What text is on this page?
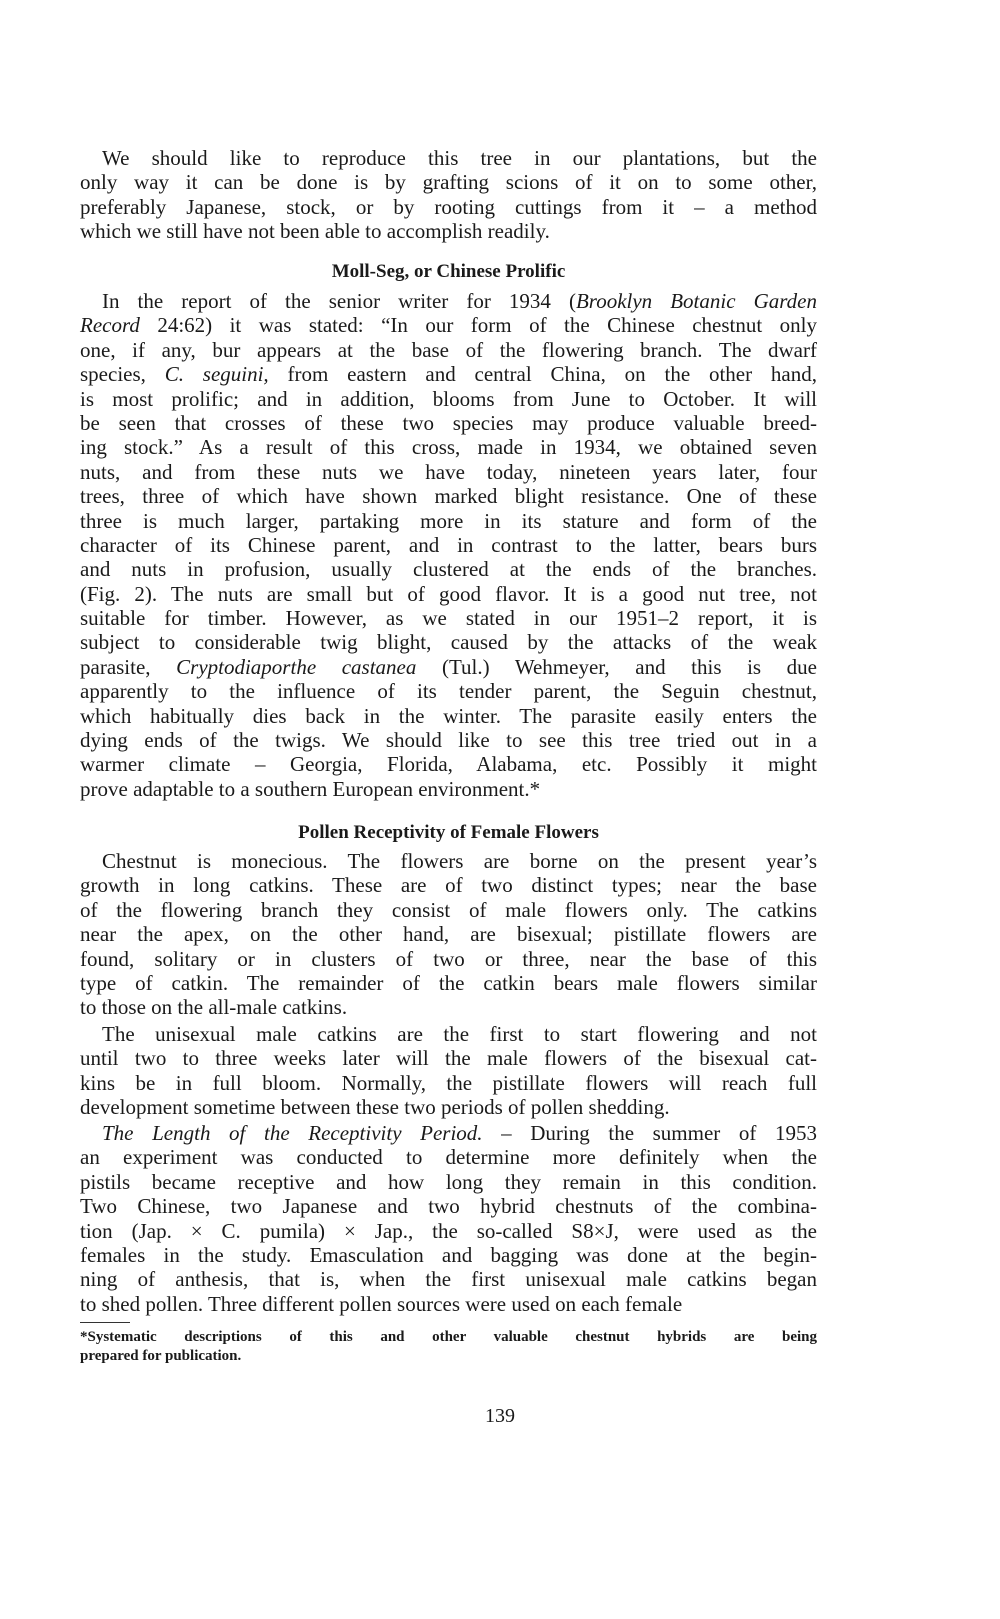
We should like to reproduce this tree in our plantations, but the
only way it can be done is by grafting scions of it on to some other,
preferably Japanese, stock, or by rooting cuttings from it – a method
which we still have not been able to accomplish readily.
Moll-Seg, or Chinese Prolific
In the report of the senior writer for 1934 (Brooklyn Botanic Garden
Record 24:62) it was stated: “In our form of the Chinese chestnut only
one, if any, bur appears at the base of the flowering branch. The dwarf
species, C. seguini, from eastern and central China, on the other hand,
is most prolific; and in addition, blooms from June to October. It will
be seen that crosses of these two species may produce valuable breed-
ing stock.” As a result of this cross, made in 1934, we obtained seven
nuts, and from these nuts we have today, nineteen years later, four
trees, three of which have shown marked blight resistance. One of these
three is much larger, partaking more in its stature and form of the
character of its Chinese parent, and in contrast to the latter, bears burs
and nuts in profusion, usually clustered at the ends of the branches.
(Fig. 2). The nuts are small but of good flavor. It is a good nut tree, not
suitable for timber. However, as we stated in our 1951–2 report, it is
subject to considerable twig blight, caused by the attacks of the weak
parasite, Cryptodiaporthe castanea (Tul.) Wehmeyer, and this is due
apparently to the influence of its tender parent, the Seguin chestnut,
which habitually dies back in the winter. The parasite easily enters the
dying ends of the twigs. We should like to see this tree tried out in a
warmer climate – Georgia, Florida, Alabama, etc. Possibly it might
prove adaptable to a southern European environment.*
Pollen Receptivity of Female Flowers
Chestnut is monecious. The flowers are borne on the present year’s
growth in long catkins. These are of two distinct types; near the base
of the flowering branch they consist of male flowers only. The catkins
near the apex, on the other hand, are bisexual; pistillate flowers are
found, solitary or in clusters of two or three, near the base of this
type of catkin. The remainder of the catkin bears male flowers similar
to those on the all-male catkins.
The unisexual male catkins are the first to start flowering and not
until two to three weeks later will the male flowers of the bisexual cat-
kins be in full bloom. Normally, the pistillate flowers will reach full
development sometime between these two periods of pollen shedding.
The Length of the Receptivity Period. – During the summer of 1953
an experiment was conducted to determine more definitely when the
pistils became receptive and how long they remain in this condition.
Two Chinese, two Japanese and two hybrid chestnuts of the combina-
tion (Jap. × C. pumila) × Jap., the so-called S8×J, were used as the
females in the study. Emasculation and bagging was done at the begin-
ning of anthesis, that is, when the first unisexual male catkins began
to shed pollen. Three different pollen sources were used on each female
*Systematic descriptions of this and other valuable chestnut hybrids are being
prepared for publication.
139
